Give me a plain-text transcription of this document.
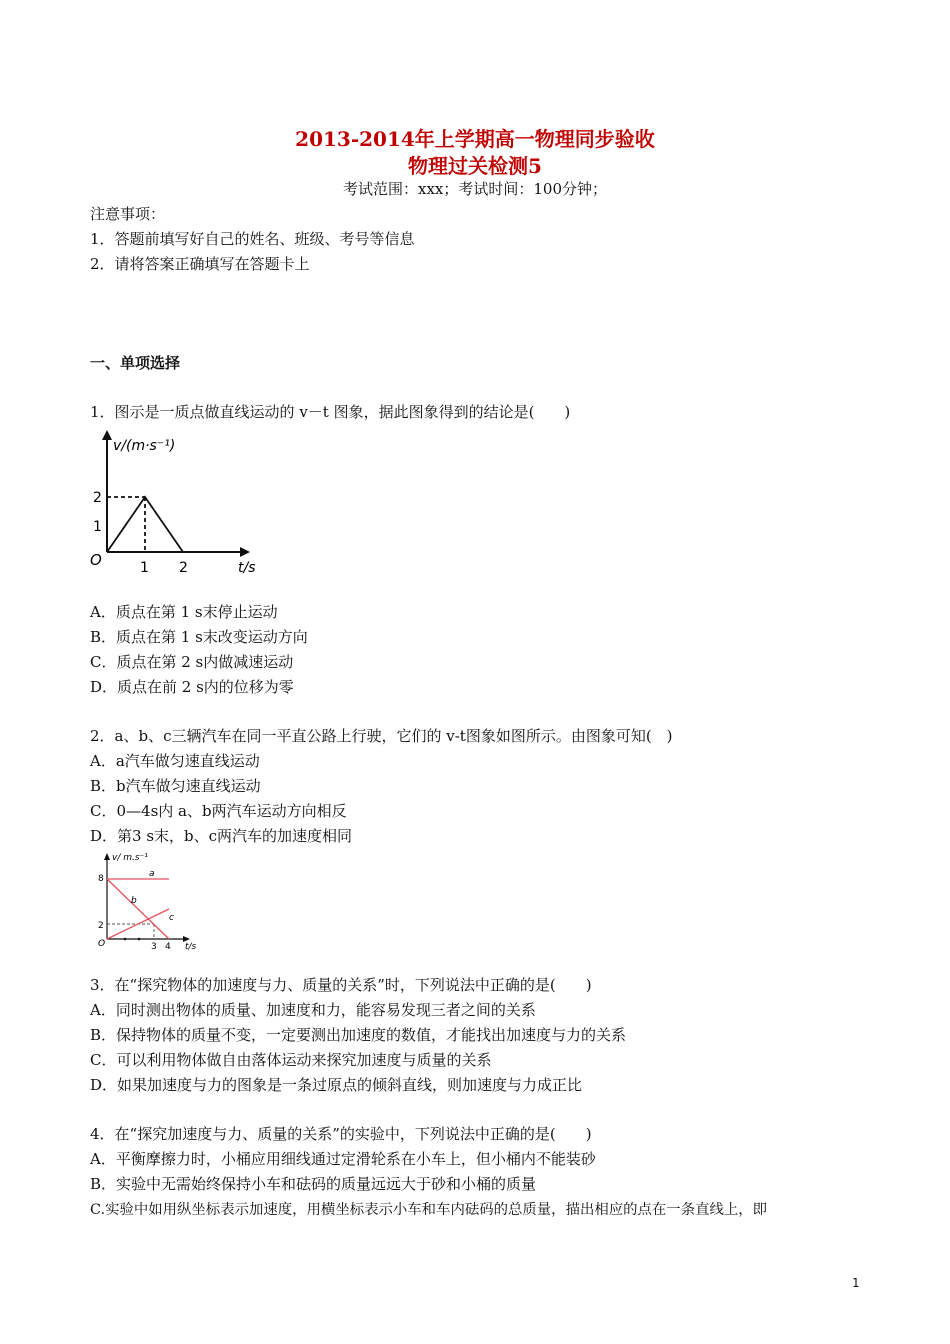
2013-2014年上学期高一物理同步验收
物理过关检测5
考试范围：xxx；考试时间：100分钟；
注意事项：
1．答题前填写好自己的姓名、班级、考号等信息
2．请将答案正确填写在答题卡上
一、单项选择
1．图示是一质点做直线运动的 v－t 图象，据此图象得到的结论是(　　)
v/(m·s⁻¹)
2
1
O	1 2	t/s
A．质点在第 1 s末停止运动
B．质点在第 1 s末改变运动方向
C．质点在第 2 s内做减速运动
D．质点在前 2 s内的位移为零
2．a、b、c三辆汽车在同一平直公路上行驶，它们的 v-t图象如图所示。由图象可知(　)
A．a汽车做匀速直线运动
B．b汽车做匀速直线运动
C．0—4s内 a、b两汽车运动方向相反
D．第3 s末，b、c两汽车的加速度相同
v/ m.s⁻¹
8
2
O	3 4 t/s
a
b
c
3．在“探究物体的加速度与力、质量的关系”时，下列说法中正确的是(　　)
A．同时测出物体的质量、加速度和力，能容易发现三者之间的关系
B．保持物体的质量不变，一定要测出加速度的数值，才能找出加速度与力的关系
C．可以利用物体做自由落体运动来探究加速度与质量的关系
D．如果加速度与力的图象是一条过原点的倾斜直线，则加速度与力成正比
4．在“探究加速度与力、质量的关系”的实验中，下列说法中正确的是(　　)
A．平衡摩擦力时，小桶应用细线通过定滑轮系在小车上，但小桶内不能装砂
B．实验中无需始终保持小车和砝码的质量远远大于砂和小桶的质量
C.实验中如用纵坐标表示加速度，用横坐标表示小车和车内砝码的总质量，描出相应的点在一条直线上，即
1
